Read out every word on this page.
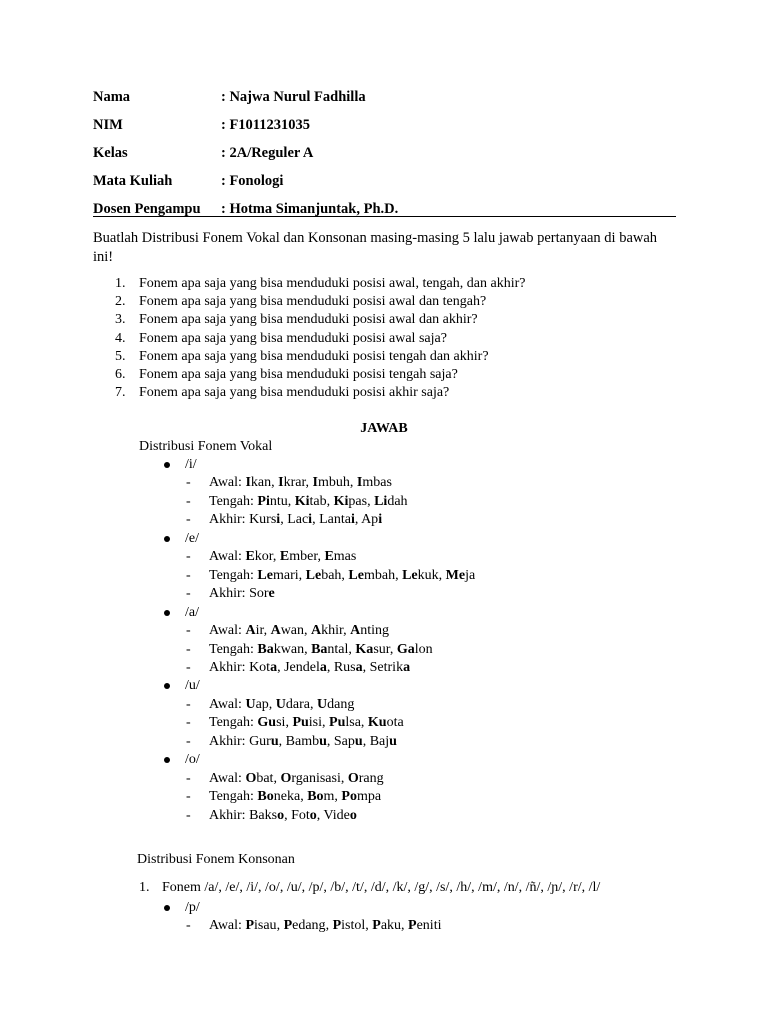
Nama	: Najwa Nurul Fadhilla
NIM	: F1011231035
Kelas	: 2A/Reguler A
Mata Kuliah	: Fonologi
Dosen Pengampu : Hotma Simanjuntak, Ph.D.
Buatlah Distribusi Fonem Vokal dan Konsonan masing-masing 5 lalu jawab pertanyaan di bawah ini!
1. Fonem apa saja yang bisa menduduki posisi awal, tengah, dan akhir?
2. Fonem apa saja yang bisa menduduki posisi awal dan tengah?
3. Fonem apa saja yang bisa menduduki posisi awal dan akhir?
4. Fonem apa saja yang bisa menduduki posisi awal saja?
5. Fonem apa saja yang bisa menduduki posisi tengah dan akhir?
6. Fonem apa saja yang bisa menduduki posisi tengah saja?
7. Fonem apa saja yang bisa menduduki posisi akhir saja?
JAWAB
Distribusi Fonem Vokal
/i/
- Awal: Ikan, Ikrar, Imbuh, Imbas
- Tengah: Pintu, Kitab, Kipas, Lidah
- Akhir: Kursi, Laci, Lantai, Api
/e/
- Awal: Ekor, Ember, Emas
- Tengah: Lemari, Lebah, Lembah, Lekuk, Meja
- Akhir: Sore
/a/
- Awal: Air, Awan, Akhir, Anting
- Tengah: Bakwan, Bantal, Kasur, Galon
- Akhir: Kota, Jendela, Rusa, Setrika
/u/
- Awal: Uap, Udara, Udang
- Tengah: Gusi, Puisi, Pulsa, Kuota
- Akhir: Guru, Bambu, Sapu, Baju
/o/
- Awal: Obat, Organisasi, Orang
- Tengah: Boneka, Bom, Pompa
- Akhir: Bakso, Foto, Video
Distribusi Fonem Konsonan
1. Fonem /a/, /e/, /i/, /o/, /u/, /p/, /b/, /t/, /d/, /k/, /g/, /s/, /h/, /m/, /n/, /ñ/, /ɲ/, /r/, /l/
/p/
- Awal: Pisau, Pedang, Pistol, Paku, Peniti
